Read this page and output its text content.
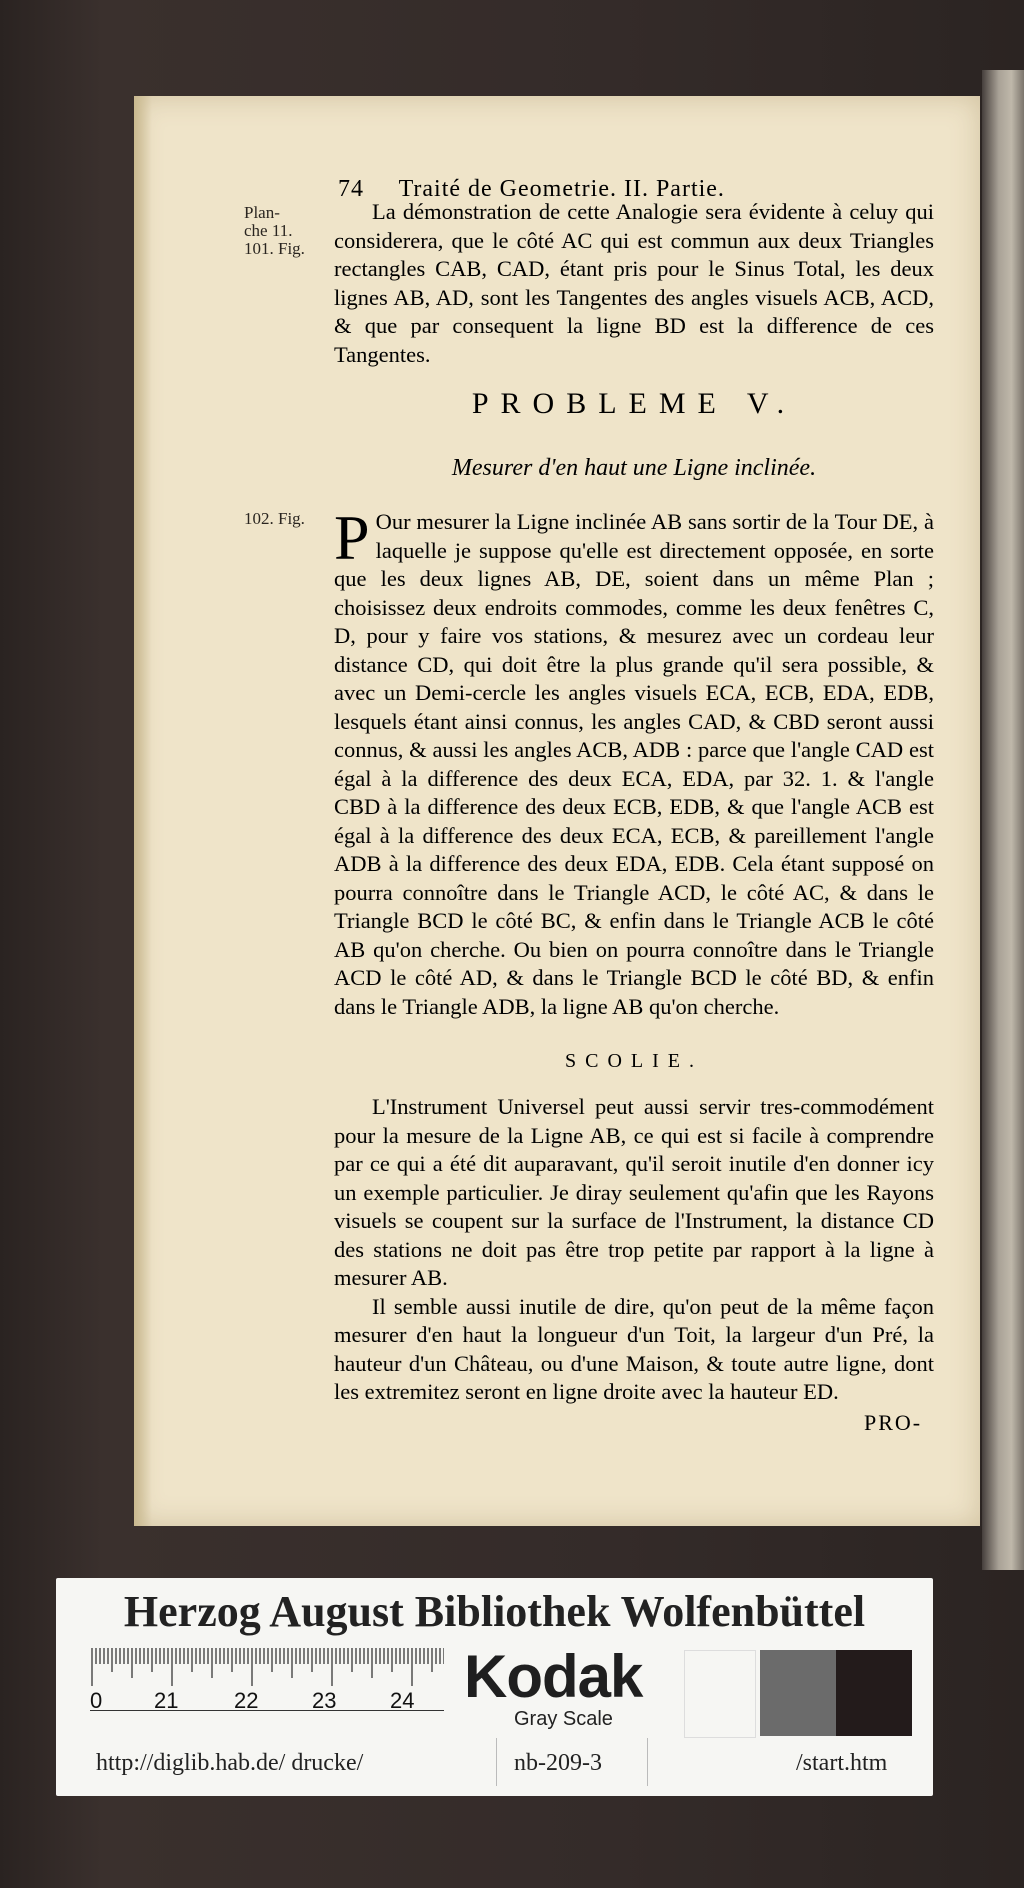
74 Traité de Geometrie. II. Partie.
Plan-
che 11.
101. Fig.
102. Fig.

La démonstration de cette Analogie sera évidente à celuy qui considerera, que le côté AC qui est commun aux deux Triangles rectangles CAB, CAD, étant pris pour le Sinus Total, les deux lignes AB, AD, sont les Tangentes des angles visuels ACB, ACD, & que par consequent la ligne BD est la difference de ces Tangentes.

PROBLEME V.
Mesurer d'en haut une Ligne inclinée.
P Our mesurer la Ligne inclinée AB sans sortir de la Tour DE, à laquelle je suppose qu'elle est directement opposée, en sorte que les deux lignes AB, DE, soient dans un même Plan ; choisissez deux endroits commodes, comme les deux fenêtres C, D, pour y faire vos stations, & mesurez avec un cordeau leur distance CD, qui doit être la plus grande qu'il sera possible, & avec un Demi-cercle les angles visuels ECA, ECB, EDA, EDB, lesquels étant ainsi connus, les angles CAD, & CBD seront aussi connus, & aussi les angles ACB, ADB : parce que l'angle CAD est égal à la difference des deux ECA, EDA, par 32. 1. & l'angle CBD à la difference des deux ECB, EDB, & que l'angle ACB est égal à la difference des deux ECA, ECB, & pareillement l'angle ADB à la difference des deux EDA, EDB. Cela étant supposé on pourra connoître dans le Triangle ACD, le côté AC, & dans le Triangle BCD le côté BC, & enfin dans le Triangle ACB le côté AB qu'on cherche. Ou bien on pourra connoître dans le Triangle ACD le côté AD, & dans le Triangle BCD le côté BD, & enfin dans le Triangle ADB, la ligne AB qu'on cherche.
SCOLIE.

L'Instrument Universel peut aussi servir tres-commodément pour la mesure de la Ligne AB, ce qui est si facile à comprendre par ce qui a été dit auparavant, qu'il seroit inutile d'en donner icy un exemple particulier. Je diray seulement qu'afin que les Rayons visuels se coupent sur la surface de l'Instrument, la distance CD des stations ne doit pas être trop petite par rapport à la ligne à mesurer AB.

Il semble aussi inutile de dire, qu'on peut de la même façon mesurer d'en haut la longueur d'un Toit, la largeur d'un Pré, la hauteur d'un Château, ou d'une Maison, & toute autre ligne, dont les extremitez seront en ligne droite avec la hauteur ED.

PRO-
Herzog August Bibliothek Wolfenbüttel
0 21	22 23 24 Kodak
Gray Scale
http://diglib.hab.de/ drucke/	nb-209-3	/start.htm
